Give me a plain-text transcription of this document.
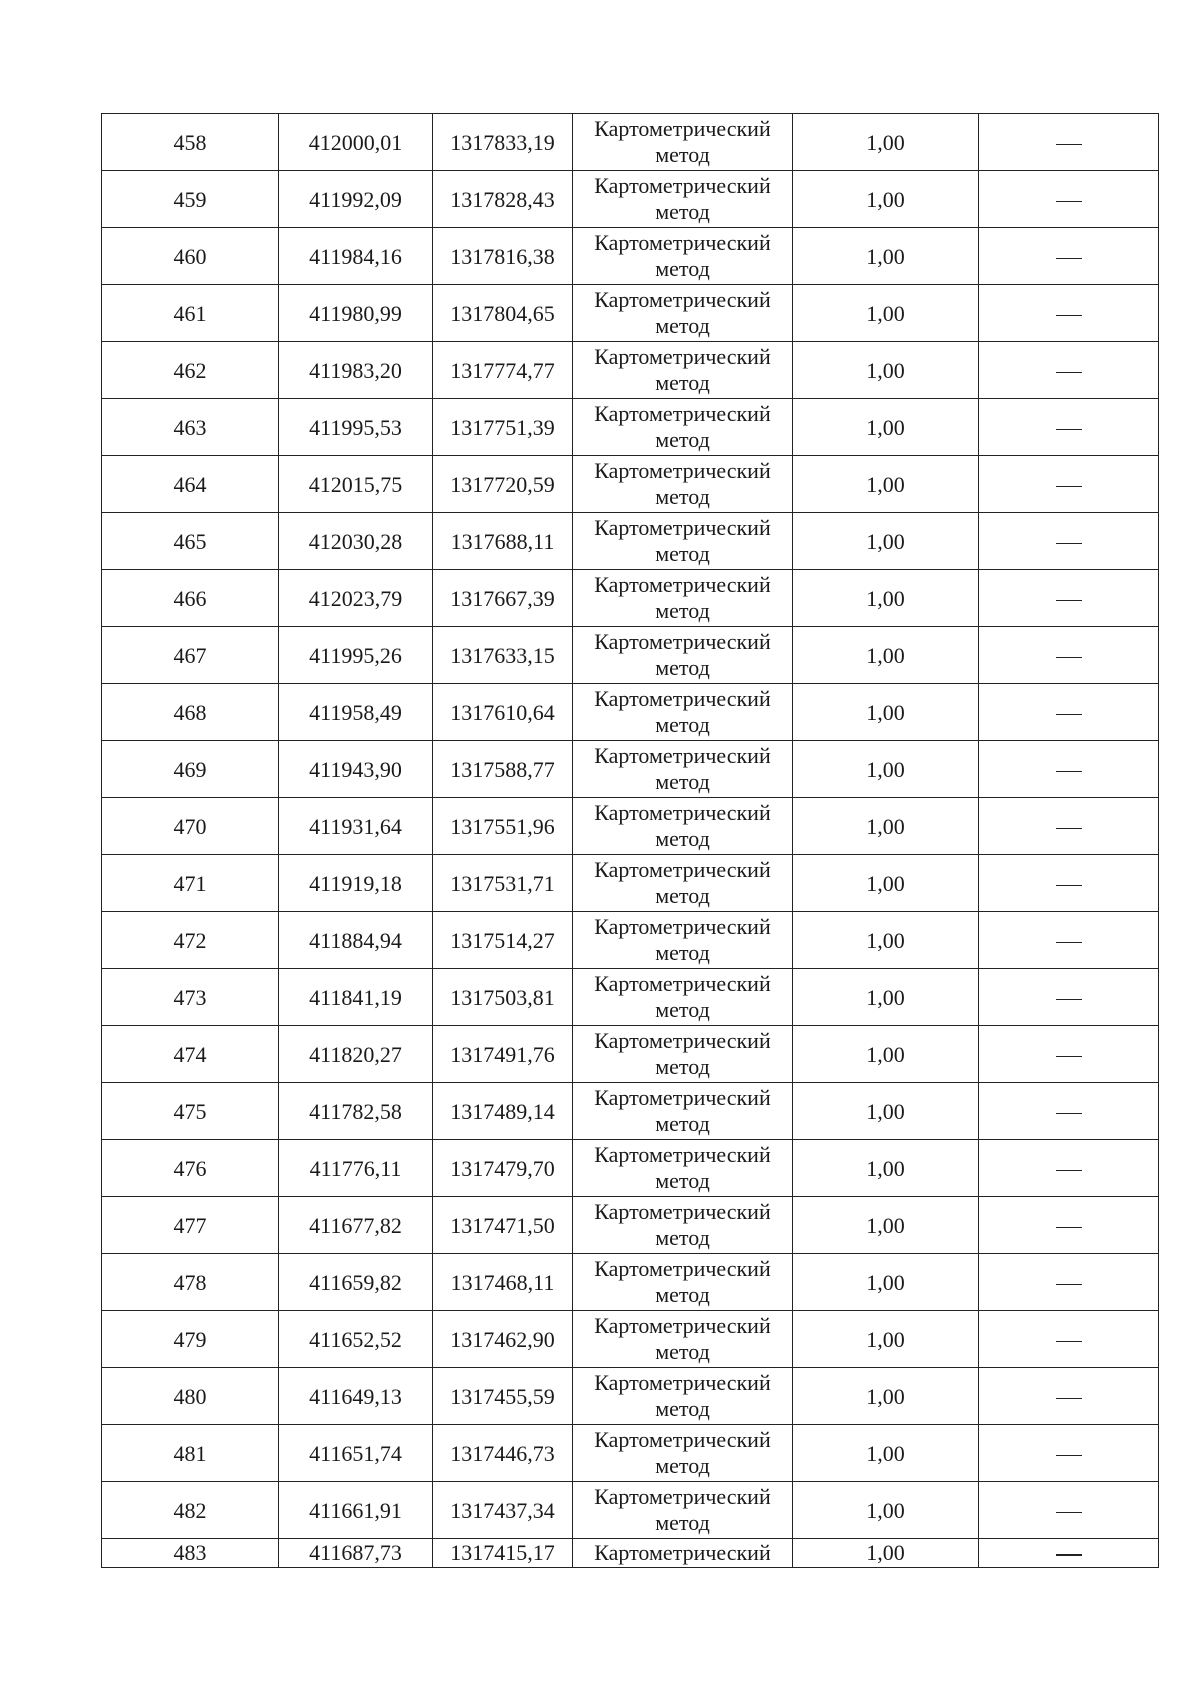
458	412000,01	1317833,19	Картометрический метод	1,00	
459	411992,09	1317828,43	Картометрический метод	1,00	
460	411984,16	1317816,38	Картометрический метод	1,00	
461	411980,99	1317804,65	Картометрический метод	1,00	
462	411983,20	1317774,77	Картометрический метод	1,00	
463	411995,53	1317751,39	Картометрический метод	1,00	
464	412015,75	1317720,59	Картометрический метод	1,00	
465	412030,28	1317688,11	Картометрический метод	1,00	
466	412023,79	1317667,39	Картометрический метод	1,00	
467	411995,26	1317633,15	Картометрический метод	1,00	
468	411958,49	1317610,64	Картометрический метод	1,00	
469	411943,90	1317588,77	Картометрический метод	1,00	
470	411931,64	1317551,96	Картометрический метод	1,00	
471	411919,18	1317531,71	Картометрический метод	1,00	
472	411884,94	1317514,27	Картометрический метод	1,00	
473	411841,19	1317503,81	Картометрический метод	1,00	
474	411820,27	1317491,76	Картометрический метод	1,00	
475	411782,58	1317489,14	Картометрический метод	1,00	
476	411776,11	1317479,70	Картометрический метод	1,00	
477	411677,82	1317471,50	Картометрический метод	1,00	
478	411659,82	1317468,11	Картометрический метод	1,00	
479	411652,52	1317462,90	Картометрический метод	1,00	
480	411649,13	1317455,59	Картометрический метод	1,00	
481	411651,74	1317446,73	Картометрический метод	1,00	
482	411661,91	1317437,34	Картометрический метод	1,00	
483	411687,73	1317415,17	Картометрический	1,00	
